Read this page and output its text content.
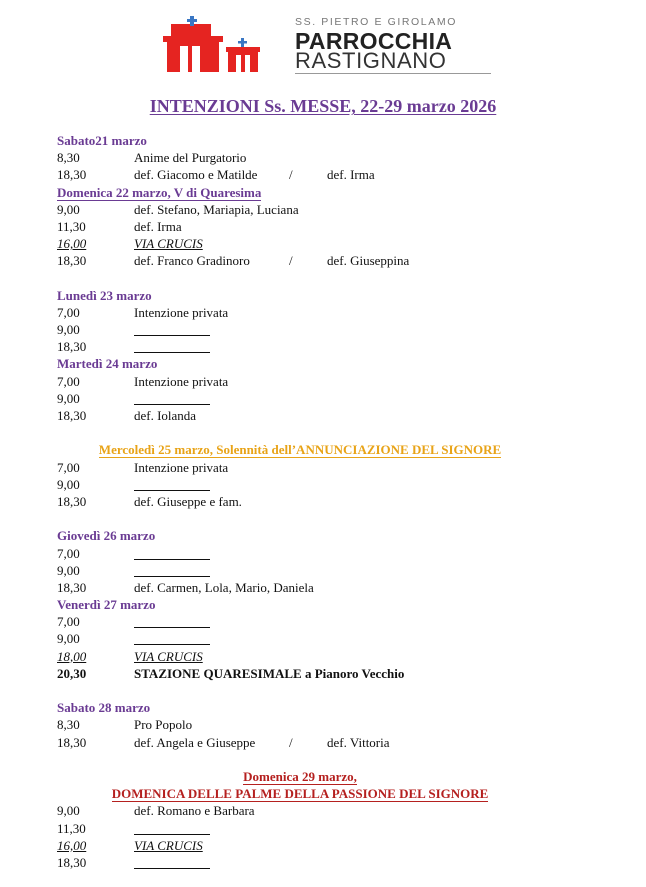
SS. PIETRO E GIROLAMO
PARROCCHIA
RASTIGNANO
INTENZIONI Ss. MESSE, 22-29 marzo 2026
Sabato21 marzo
8,30	Anime del Purgatorio
18,30	def. Giacomo e Matilde /	def. Irma
Domenica 22 marzo, V di Quaresima
9,00	def. Stefano, Mariapia, Luciana
11,30	def. Irma
16,00	VIA CRUCIS
18,30	def. Franco Gradinoro	/	def. Giuseppina
Lunedì 23 marzo
7,00	Intenzione privata
9,00
18,30
Martedì 24 marzo
7,00	Intenzione privata
9,00
18,30	def. Iolanda
Mercoledì 25 marzo, Solennità dell’ANNUNCIAZIONE DEL SIGNORE
7,00	Intenzione privata
9,00
18,30	def. Giuseppe e fam.
Giovedì 26 marzo
7,00
9,00
18,30	def. Carmen, Lola, Mario, Daniela
Venerdì 27 marzo
7,00
9,00
18,00	VIA CRUCIS
20,30	STAZIONE QUARESIMALE a Pianoro Vecchio
Sabato 28 marzo
8,30	Pro Popolo
18,30	def. Angela e Giuseppe	/	def. Vittoria
Domenica 29 marzo,
DOMENICA DELLE PALME DELLA PASSIONE DEL SIGNORE
9,00	def. Romano e Barbara
11,30
16,00	VIA CRUCIS
18,30
